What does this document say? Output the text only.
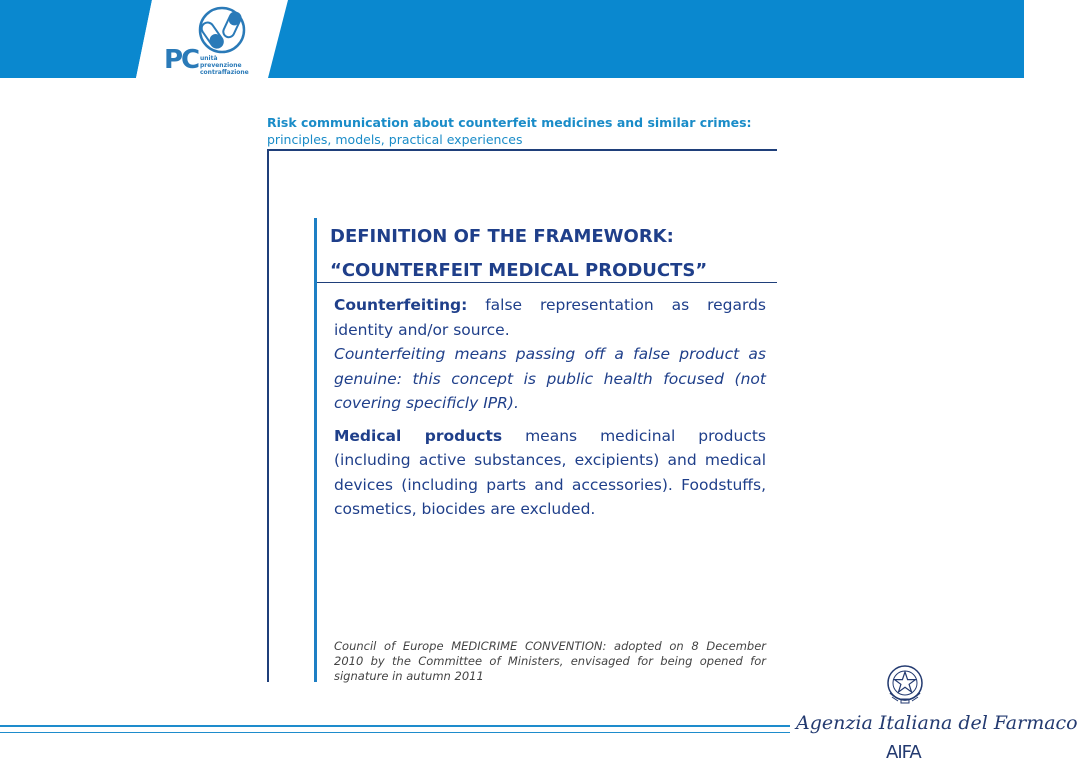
PC unità
prevenzione
contraffazione
Risk communication about counterfeit medicines and similar crimes:
principles, models, practical experiences
DEFINITION OF THE FRAMEWORK:
“COUNTERFEIT MEDICAL PRODUCTS”

Counterfeiting: false representation as regards identity and/or source.
Counterfeiting means passing off a false product as genuine: this concept is public health focused (not covering specificly IPR).

Medical products means medicinal products (including active substances, excipients) and medical devices (including parts and accessories). Foodstuffs, cosmetics, biocides are excluded.

Council of Europe MEDICRIME CONVENTION: adopted on 8 December 2010 by the Committee of Ministers, envisaged for being opened for signature in autumn 2011
Agenzia Italiana del Farmaco
AIFA
